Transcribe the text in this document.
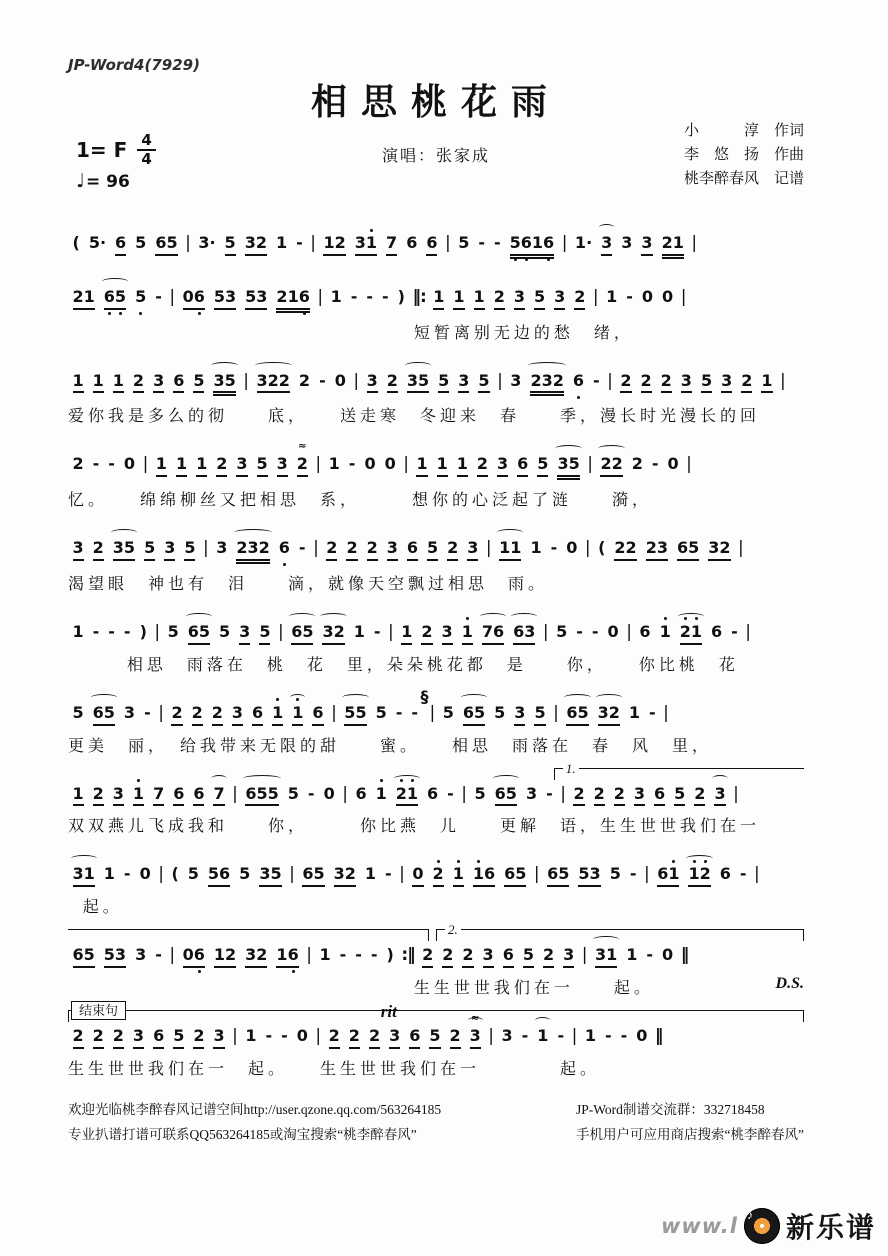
JP-Word4(7929)
相思桃花雨
1= F $\frac{4}{4}$
♩= 96
演唱：张家成
小　　　淳　作词
李　悠　扬　作曲
桃李醉春风　记谱
( 5· 6 5 65 | 3· 5 32 1 - | 12 31 7 6 6 | 5 - - 5616 | 1· 3 3 3 21 |
21 65 5 - | 06 53 53 216 | 1 - - - ) ‖: 1 1 1 2 3 5 3 2 | 1 - 0 0 |
短暂离别无边的愁　绪，
1 1 1 2 3 6 5 35 | 322 2 - 0 | 3 2 35 5 3 5 | 3 232 6 - | 2 2 2 3 5 3 2 1 |
爱你我是多么的彻　　底，　　送走寒　冬迎来　春　　季，漫长时光漫长的回
2 - - 0 | 1 1 1 2 3 5 3 2 ≈ | 1 - 0 0 | 1 1 1 2 3 6 5 35 | 22 2 - 0 |
忆。　　绵绵柳丝又把相思　系，　　　想你的心泛起了涟　　漪，
3 2 35 5 3 5 | 3 232 6 - | 2 2 2 3 6 5 2 3 | 11 1 - 0 | ( 22 23 65 32 |
渴望眼　神也有　泪　　滴，就像天空飘过相思　雨。
1 - - - ) | 5 65 5 3 5 | 65 32 1 - | 1 2 3 1 76 63 | 5 - - 0 | 6 1 21 6 - |
相思　雨落在　桃　花　里，朵朵桃花都　是　　你，　　你比桃　花
5 65 3 - | 2 2 2 3 6 1 1 6 | 55 5 - -§| 5 65 5 3 5 | 65 32 1 - |
更美　丽，　给我带来无限的甜　　蜜。　　相思　雨落在　春　风　里，
1.
1 2 3 1 7 6 6 7 | 655 5 - 0 | 6 1 21 6 - | 5 65 3 - | 2 2 2 3 6 5 2 3 |
双双燕儿飞成我和　　你，　　　你比燕　儿　　更解　语，生生世世我们在一
31 1 - 0 | ( 5 56 5 35 | 65 32 1 - | 0 2 1 16 65 | 65 53 5 - | 61 12 6 - |
起。
2.
65 53 3 - | 06 12 32 16 | 1 - - - ) :‖ 2 2 2 3 6 5 2 3 | 31 1 - 0 ‖
生生世世我们在一　　起。	D.S.
结束句	rit
2 2 2 3 6 5 2 3 | 1 - - 0 | 2 2 2 3 6 5 2 3 ≈ | 3 - 1 - | 1 - - 0 ‖
生生世世我们在一　起。　　生生世世我们在一　　　　起。
欢迎光临桃李醉春风记谱空间http://user.qzone.qq.com/563264185
专业扒谱打谱可联系QQ563264185或淘宝搜索“桃李醉春风”
JP-Word制谱交流群：332718458
手机用户可应用商店搜索“桃李醉春风”
www.l ♪ 新乐谱
